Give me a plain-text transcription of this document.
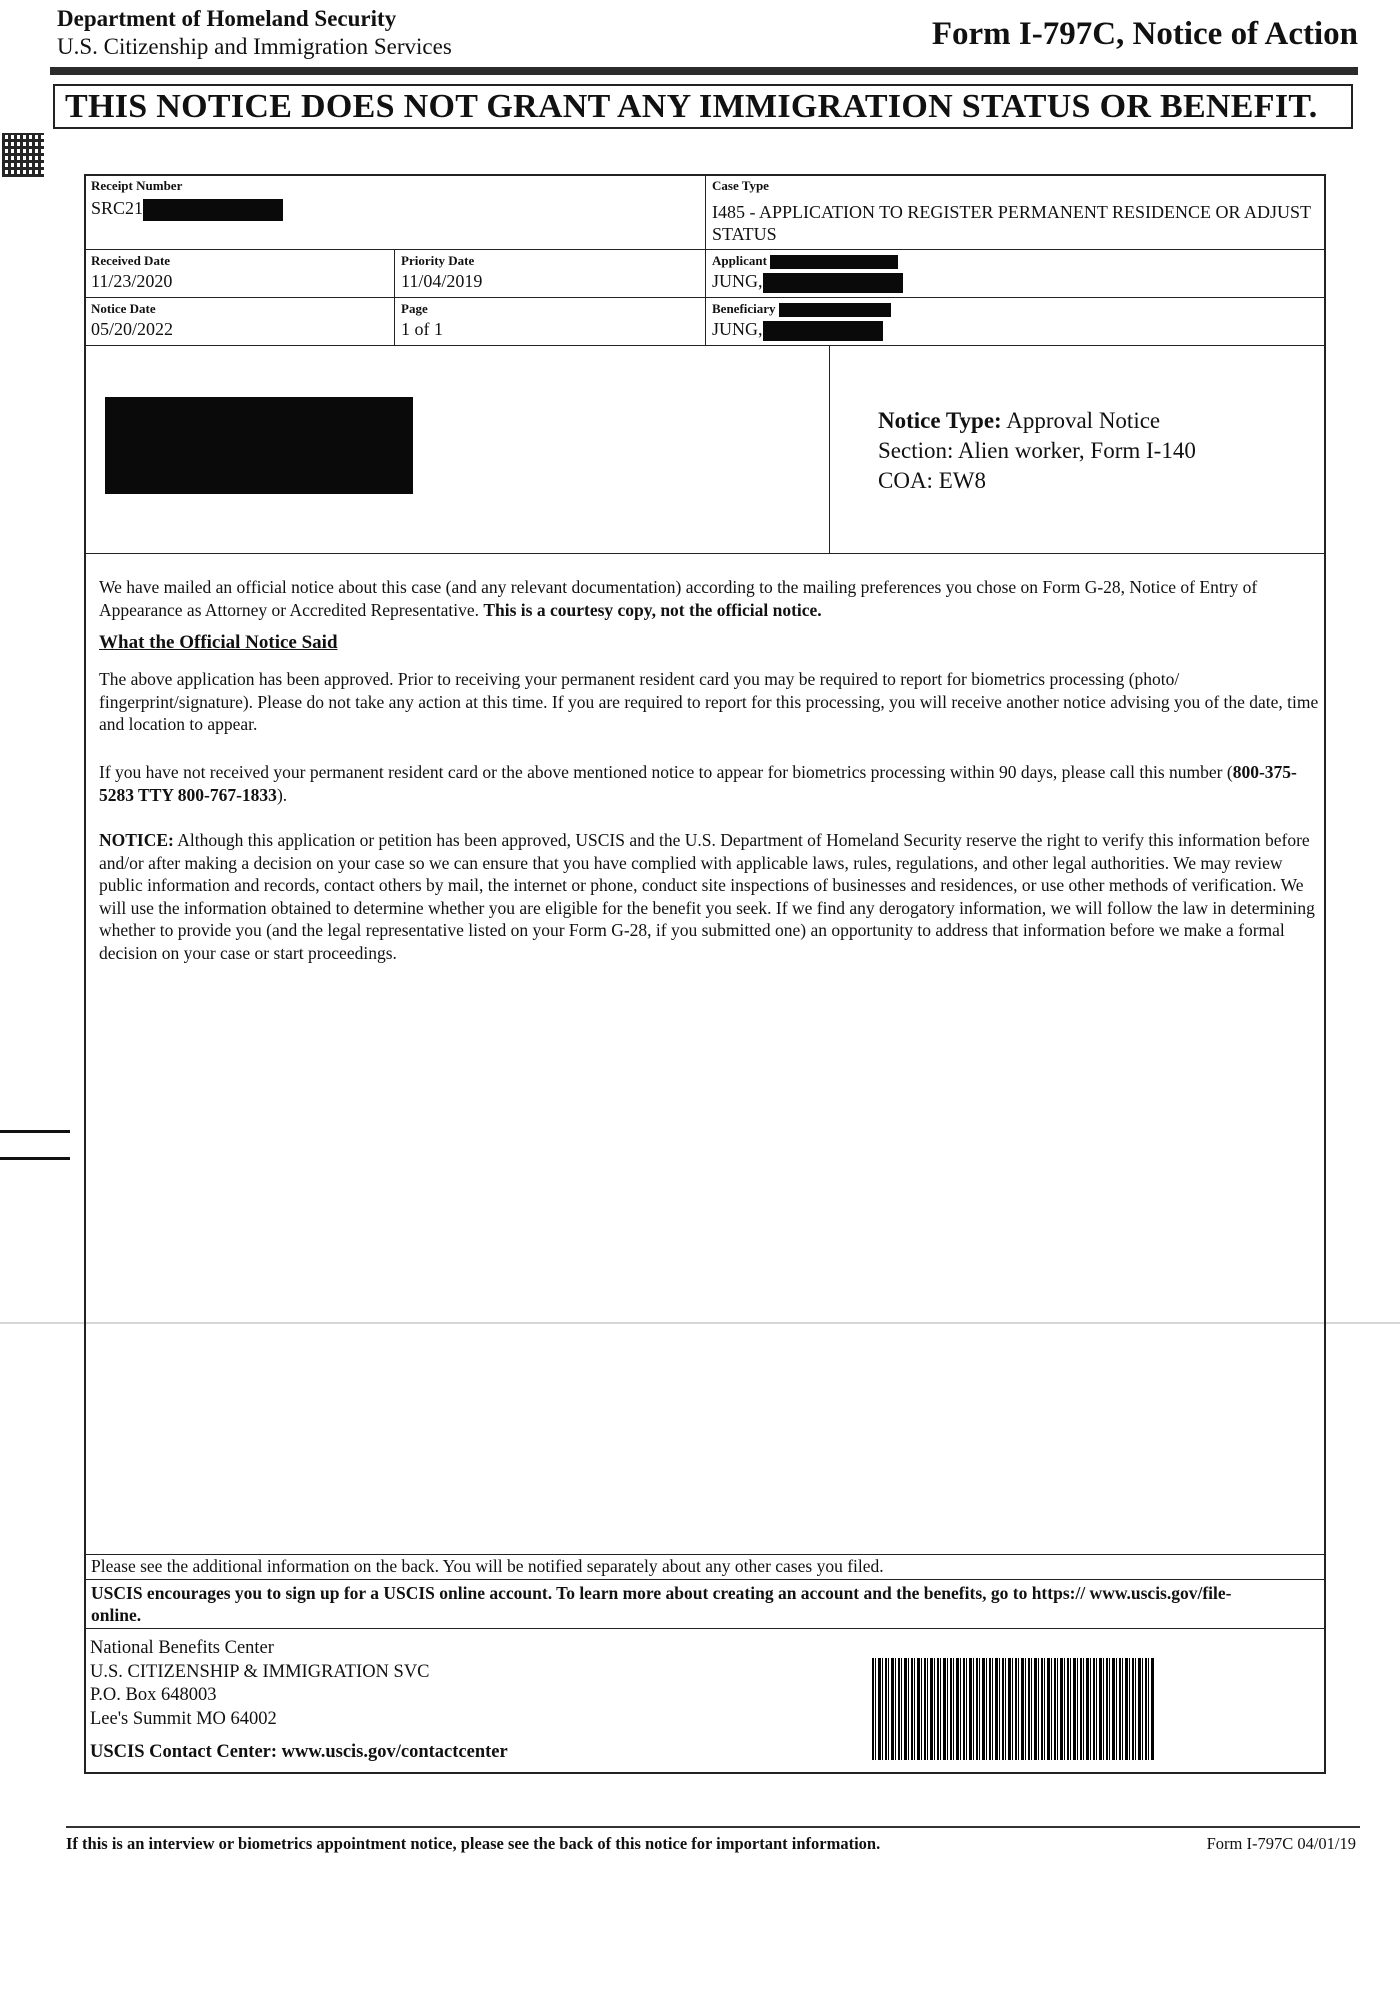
Department of Homeland Security
U.S. Citizenship and Immigration Services	Form I-797C, Notice of Action
THIS NOTICE DOES NOT GRANT ANY IMMIGRATION STATUS OR BENEFIT.
Receipt Number
SRC21
Case Type
I485 - APPLICATION TO REGISTER PERMANENT RESIDENCE OR ADJUST STATUS
Received Date
11/23/2020
Priority Date
11/04/2019
Applicant
JUNG,
Notice Date
05/20/2022
Page
1 of 1
Beneficiary
JUNG,
Notice Type: Approval Notice
Section: Alien worker, Form I-140
COA: EW8
We have mailed an official notice about this case (and any relevant documentation) according to the mailing preferences you chose on Form G-28, Notice of Entry of Appearance as Attorney or Accredited Representative. This is a courtesy copy, not the official notice.
What the Official Notice Said
The above application has been approved. Prior to receiving your permanent resident card you may be required to report for biometrics processing (photo/ fingerprint/signature). Please do not take any action at this time. If you are required to report for this processing, you will receive another notice advising you of the date, time and location to appear.
If you have not received your permanent resident card or the above mentioned notice to appear for biometrics processing within 90 days, please call this number (800-375-5283 TTY 800-767-1833).
NOTICE: Although this application or petition has been approved, USCIS and the U.S. Department of Homeland Security reserve the right to verify this information before and/or after making a decision on your case so we can ensure that you have complied with applicable laws, rules, regulations, and other legal authorities. We may review public information and records, contact others by mail, the internet or phone, conduct site inspections of businesses and residences, or use other methods of verification. We will use the information obtained to determine whether you are eligible for the benefit you seek. If we find any derogatory information, we will follow the law in determining whether to provide you (and the legal representative listed on your Form G-28, if you submitted one) an opportunity to address that information before we make a formal decision on your case or start proceedings.
Please see the additional information on the back. You will be notified separately about any other cases you filed.
USCIS encourages you to sign up for a USCIS online account. To learn more about creating an account and the benefits, go to https:// www.uscis.gov/file-online.
National Benefits Center
U.S. CITIZENSHIP & IMMIGRATION SVC
P.O. Box 648003
Lee's Summit MO 64002
USCIS Contact Center: www.uscis.gov/contactcenter
If this is an interview or biometrics appointment notice, please see the back of this notice for important information.	Form I-797C 04/01/19
